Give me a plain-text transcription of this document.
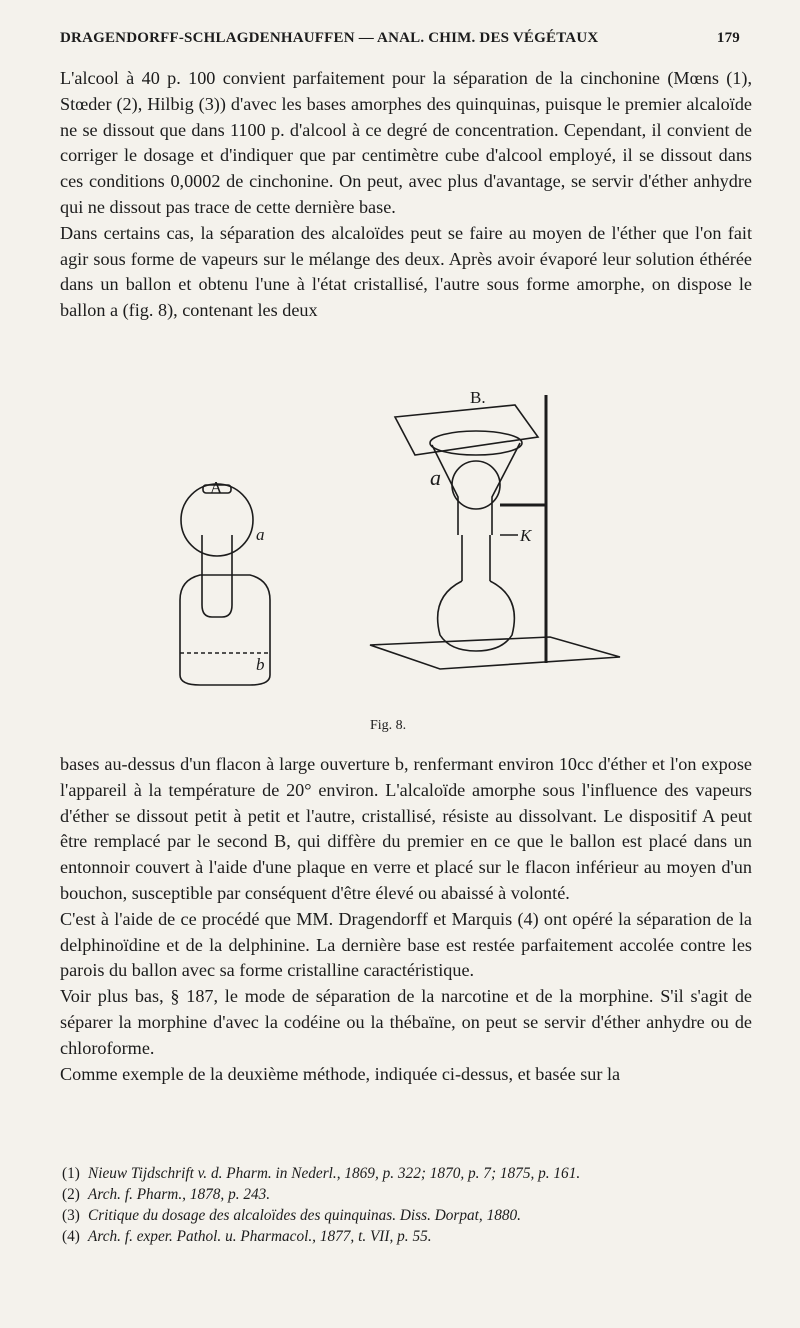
DRAGENDORFF-SCHLAGDENHAUFFEN — ANAL. CHIM. DES VÉGÉTAUX	179

L'alcool à 40 p. 100 convient parfaitement pour la séparation de la cinchonine (Mœns (1), Stœder (2), Hilbig (3)) d'avec les bases amorphes des quinquinas, puisque le premier alcaloïde ne se dissout que dans 1100 p. d'alcool à ce degré de concentration. Cependant, il convient de corriger le dosage et d'indiquer que par centimètre cube d'alcool employé, il se dissout dans ces conditions 0,0002 de cinchonine. On peut, avec plus d'avantage, se servir d'éther anhydre qui ne dissout pas trace de cette dernière base.

Dans certains cas, la séparation des alcaloïdes peut se faire au moyen de l'éther que l'on fait agir sous forme de vapeurs sur le mélange des deux. Après avoir évaporé leur solution éthérée dans un ballon et obtenu l'une à l'état cristallisé, l'autre sous forme amorphe, on dispose le ballon a (fig. 8), contenant les deux

A
B.
a
b
a
K
Fig. 8.

bases au-dessus d'un flacon à large ouverture b, renfermant environ 10cc d'éther et l'on expose l'appareil à la température de 20° environ. L'alcaloïde amorphe sous l'influence des vapeurs d'éther se dissout petit à petit et l'autre, cristallisé, résiste au dissolvant. Le dispositif A peut être remplacé par le second B, qui diffère du premier en ce que le ballon est placé dans un entonnoir couvert à l'aide d'une plaque en verre et placé sur le flacon inférieur au moyen d'un bouchon, susceptible par conséquent d'être élevé ou abaissé à volonté.

C'est à l'aide de ce procédé que MM. Dragendorff et Marquis (4) ont opéré la séparation de la delphinoïdine et de la delphinine. La dernière base est restée parfaitement accolée contre les parois du ballon avec sa forme cristalline caractéristique.

Voir plus bas, § 187, le mode de séparation de la narcotine et de la morphine. S'il s'agit de séparer la morphine d'avec la codéine ou la thébaïne, on peut se servir d'éther anhydre ou de chloroforme.

Comme exemple de la deuxième méthode, indiquée ci-dessus, et basée sur la

(1) Nieuw Tijdschrift v. d. Pharm. in Nederl., 1869, p. 322; 1870, p. 7; 1875, p. 161.
(2) Arch. f. Pharm., 1878, p. 243.
(3) Critique du dosage des alcaloïdes des quinquinas. Diss. Dorpat, 1880.
(4) Arch. f. exper. Pathol. u. Pharmacol., 1877, t. VII, p. 55.
